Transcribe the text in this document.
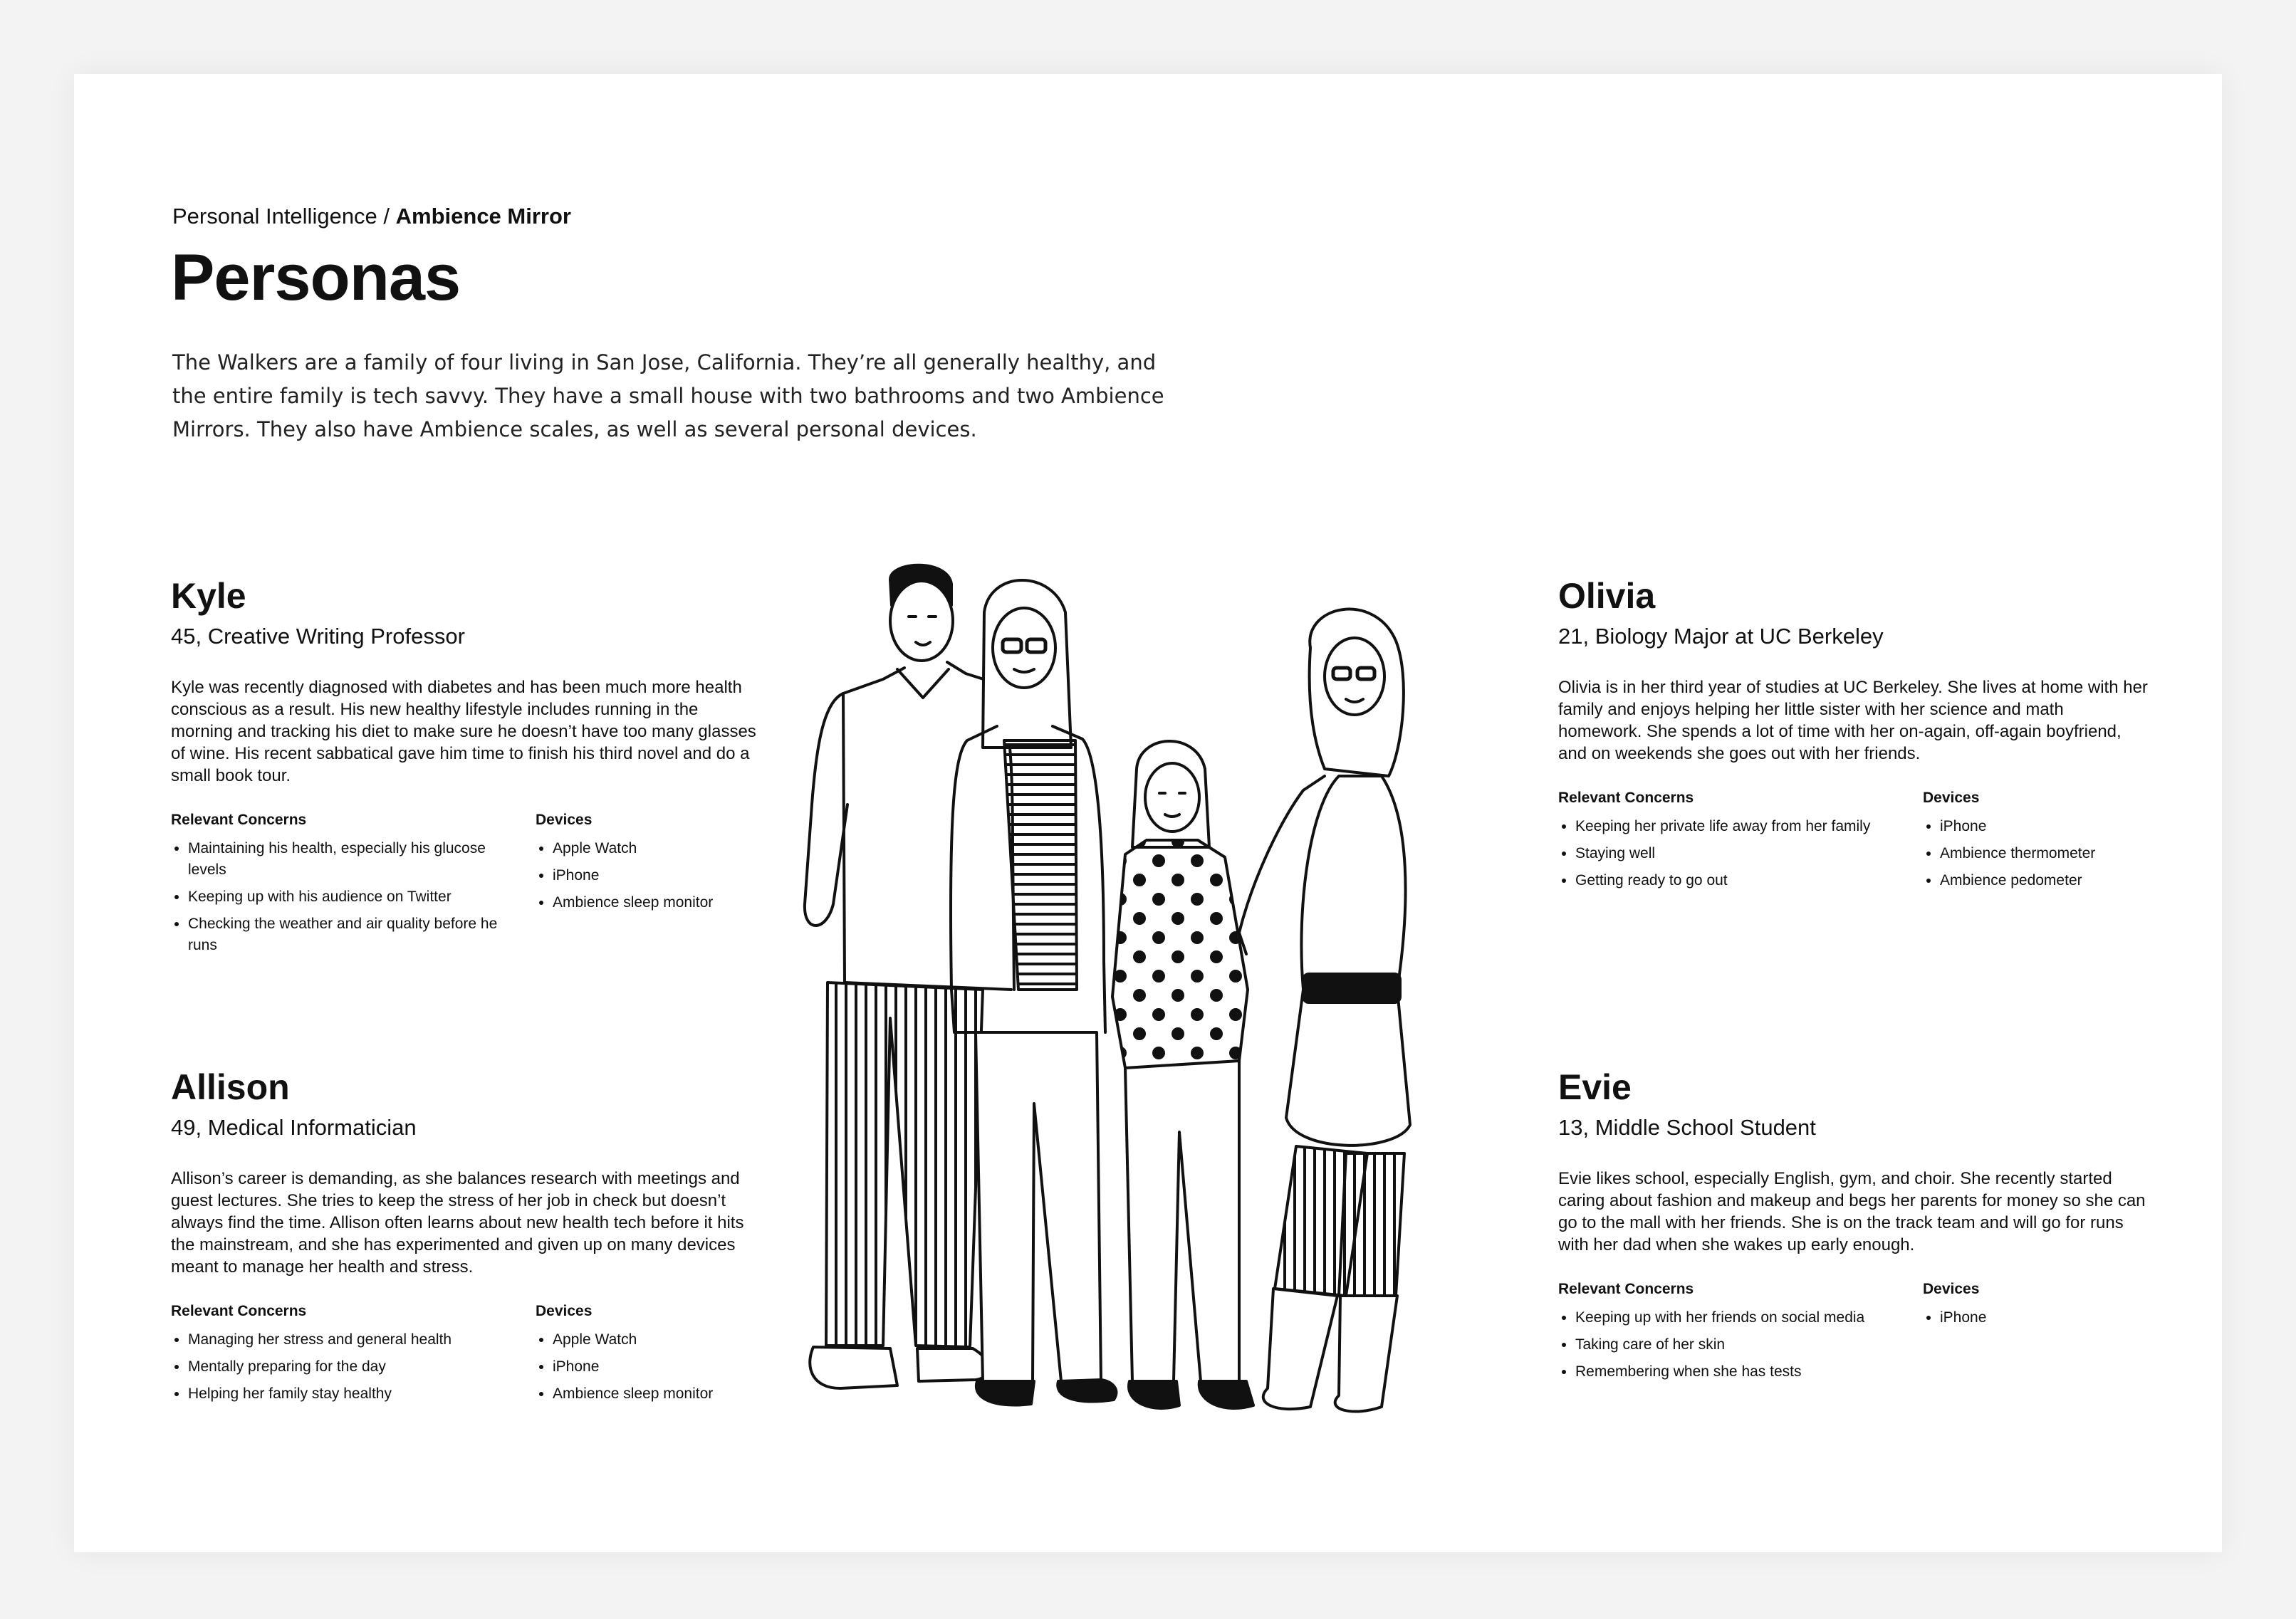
Personal Intelligence / Ambience Mirror
Personas

The Walkers are a family of four living in San Jose, California. They’re all generally healthy, and the entire family is tech savvy. They have a small house with two bathrooms and two Ambience Mirrors. They also have Ambience scales, as well as several personal devices.

Kyle

45, Creative Writing Professor

Kyle was recently diagnosed with diabetes and has been much more health conscious as a result. His new healthy lifestyle includes running in the morning and tracking his diet to make sure he doesn’t have too many glasses of wine. His recent sabbatical gave him time to finish his third novel and do a small book tour.

Relevant Concerns
• Maintaining his health, especially his glucose levels
• Keeping up with his audience on Twitter
• Checking the weather and air quality before he runs
Devices
• Apple Watch
• iPhone
• Ambience sleep monitor
Allison

49, Medical Informatician

Allison’s career is demanding, as she balances research with meetings and guest lectures. She tries to keep the stress of her job in check but doesn’t always find the time. Allison often learns about new health tech before it hits the mainstream, and she has experimented and given up on many devices meant to manage her health and stress.

Relevant Concerns
• Managing her stress and general health
• Mentally preparing for the day
• Helping her family stay healthy
Devices
• Apple Watch
• iPhone
• Ambience sleep monitor
Olivia

21, Biology Major at UC Berkeley

Olivia is in her third year of studies at UC Berkeley. She lives at home with her family and enjoys helping her little sister with her science and math homework. She spends a lot of time with her on-again, off-again boyfriend, and on weekends she goes out with her friends.

Relevant Concerns
• Keeping her private life away from her family
• Staying well
• Getting ready to go out
Devices
• iPhone
• Ambience thermometer
• Ambience pedometer
Evie

13, Middle School Student

Evie likes school, especially English, gym, and choir. She recently started caring about fashion and makeup and begs her parents for money so she can go to the mall with her friends. She is on the track team and will go for runs with her dad when she wakes up early enough.

Relevant Concerns
• Keeping up with her friends on social media
• Taking care of her skin
• Remembering when she has tests
Devices
• iPhone
